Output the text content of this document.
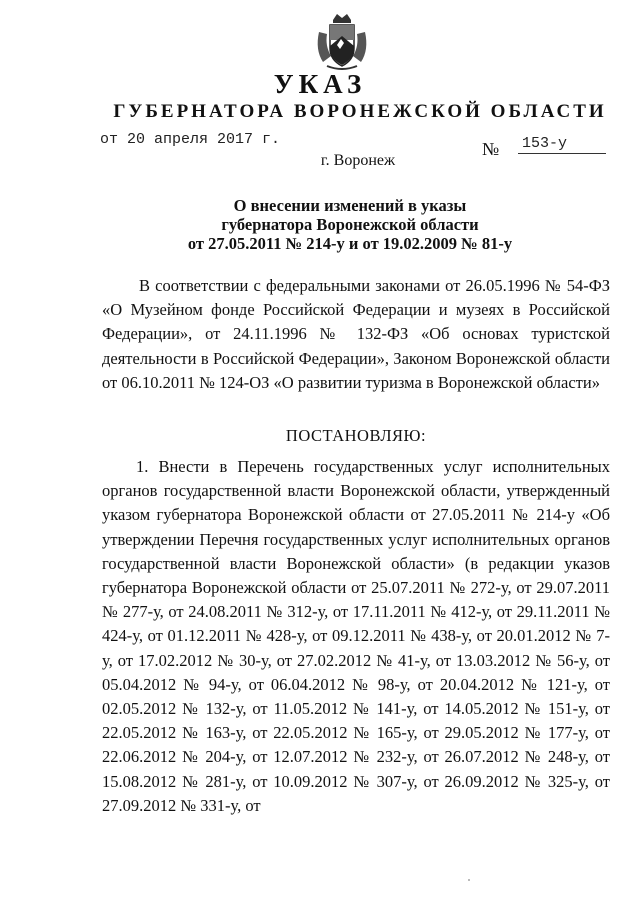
УКАЗ
ГУБЕРНАТОРА ВОРОНЕЖСКОЙ ОБЛАСТИ
от 20 апреля 2017 г.	№ 153-у
г. Воронеж
О внесении изменений в указы
губернатора Воронежской области
от 27.05.2011 № 214-у и от 19.02.2009 № 81-у
В соответствии с федеральными законами от 26.05.1996 № 54-ФЗ «О Музейном фонде Российской Федерации и музеях в Российской Федерации», от 24.11.1996 № 132-ФЗ «Об основах туристской деятельности в Российской Федерации», Законом Воронежской области от 06.10.2011 № 124-ОЗ «О развитии туризма в Воронежской области»
ПОСТАНОВЛЯЮ:
1. Внести в Перечень государственных услуг исполнительных органов государственной власти Воронежской области, утвержденный указом губернатора Воронежской области от 27.05.2011 № 214-у «Об утверждении Перечня государственных услуг исполнительных органов государственной власти Воронежской области» (в редакции указов губернатора Воронежской области от 25.07.2011 № 272-у, от 29.07.2011 № 277-у, от 24.08.2011 № 312-у, от 17.11.2011 № 412-у, от 29.11.2011 № 424-у, от 01.12.2011 № 428-у, от 09.12.2011 № 438-у, от 20.01.2012 № 7-у, от 17.02.2012 № 30-у, от 27.02.2012 № 41-у, от 13.03.2012 № 56-у, от 05.04.2012 № 94-у, от 06.04.2012 № 98-у, от 20.04.2012 № 121-у, от 02.05.2012 № 132-у, от 11.05.2012 № 141-у, от 14.05.2012 № 151-у, от 22.05.2012 № 163-у, от 22.05.2012 № 165-у, от 29.05.2012 № 177-у, от 22.06.2012 № 204-у, от 12.07.2012 № 232-у, от 26.07.2012 № 248-у, от 15.08.2012 № 281-у, от 10.09.2012 № 307-у, от 26.09.2012 № 325-у, от 27.09.2012 № 331-у, от
